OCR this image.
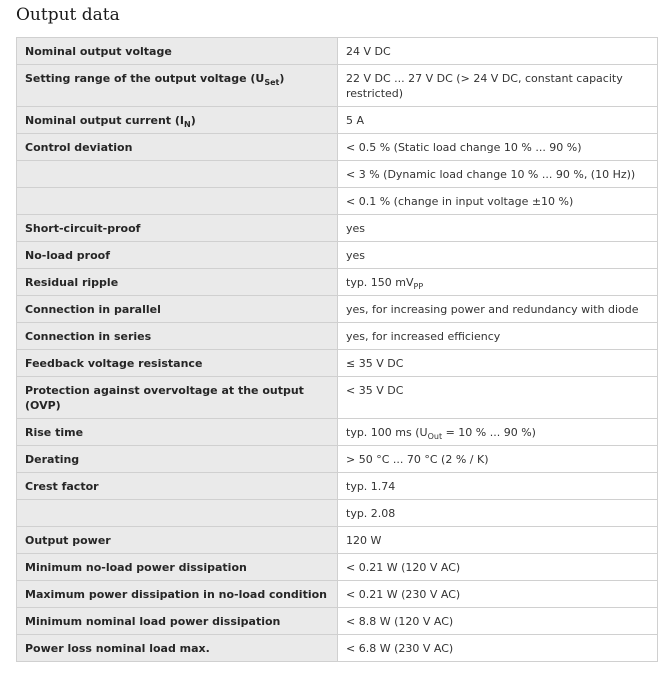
Output data
Nominal output voltage	24 V DC
Setting range of the output voltage $(U_{Set})$	22 V DC ... 27 V DC (> 24 V DC, constant capacity restricted)
Nominal output current $(I_N)$	5 A
Control deviation	< 0.5 % (Static load change 10 % ... 90 %)
	< 3 % (Dynamic load change 10 % ... 90 %, (10 Hz))
	< 0.1 % (change in input voltage ±10 %)
Short-circuit-proof	yes
No-load proof	yes
Residual ripple	typ. 150 $mV_{PP}$
Connection in parallel	yes, for increasing power and redundancy with diode
Connection in series	yes, for increased efficiency
Feedback voltage resistance	≤ 35 V DC
Protection against overvoltage at the output (OVP)	< 35 V DC
Rise time	typ. 100 ms ($U_{Out} = 10$ % ... 90 %)
Derating	> 50 °C ... 70 °C (2 % / K)
Crest factor	typ. 1.74
	typ. 2.08
Output power	120 W
Minimum no-load power dissipation	< 0.21 W (120 V AC)
Maximum power dissipation in no-load condition	< 0.21 W (230 V AC)
Minimum nominal load power dissipation	< 8.8 W (120 V AC)
Power loss nominal load max.	< 6.8 W (230 V AC)
